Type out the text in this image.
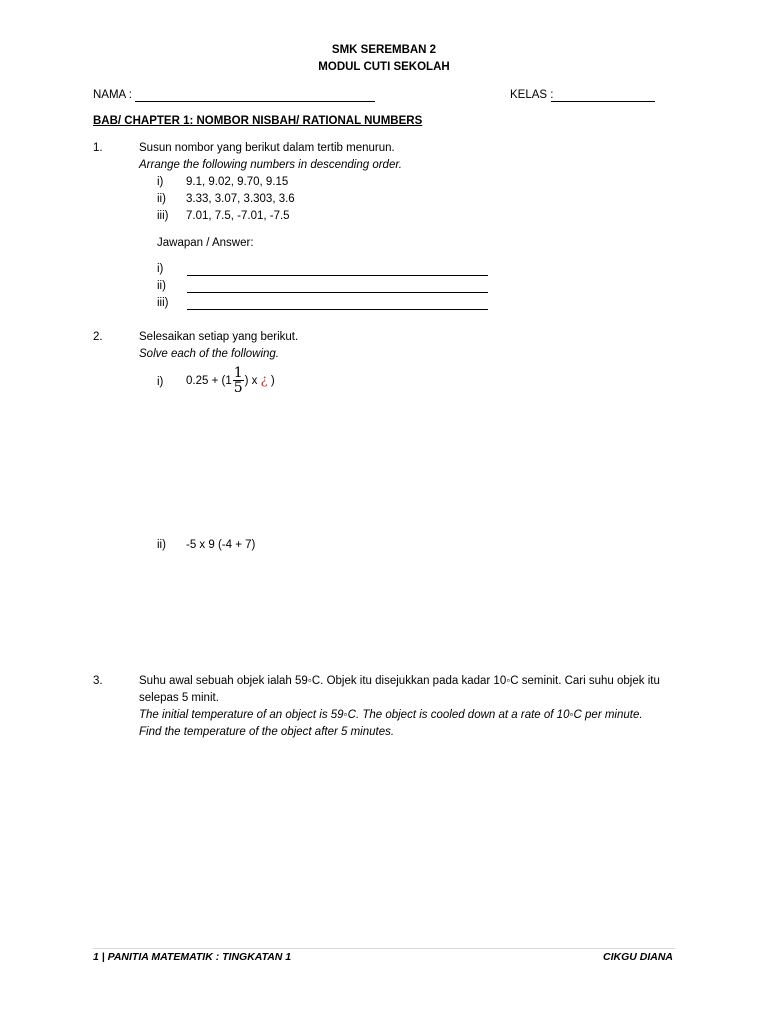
SMK SEREMBAN 2
MODUL CUTI SEKOLAH
NAMA :	KELAS :
BAB/ CHAPTER 1: NOMBOR NISBAH/ RATIONAL NUMBERS
1.	Susun nombor yang berikut dalam tertib menurun.
Arrange the following numbers in descending order.
i) 9.1, 9.02, 9.70, 9.15
ii) 3.33, 3.07, 3.303, 3.6
iii) 7.01, 7.5, -7.01, -7.5
Jawapan / Answer:
i)
ii)
iii)
2.	Selesaikan setiap yang berikut.
Solve each of the following.
i) $0.25 + (1 \frac{1}{5}$ ) x ¿ )
ii) -5 x 9 (-4 + 7)
3.	Suhu awal sebuah objek ialah 59◦C. Objek itu disejukkan pada kadar 10◦C seminit. Cari suhu objek itu
selepas 5 minit.
The initial temperature of an object is 59◦C. The object is cooled down at a rate of 10◦C per minute.
Find the temperature of the object after 5 minutes.
1 | PANITIA MATEMATIK : TINGKATAN 1	CIKGU DIANA
